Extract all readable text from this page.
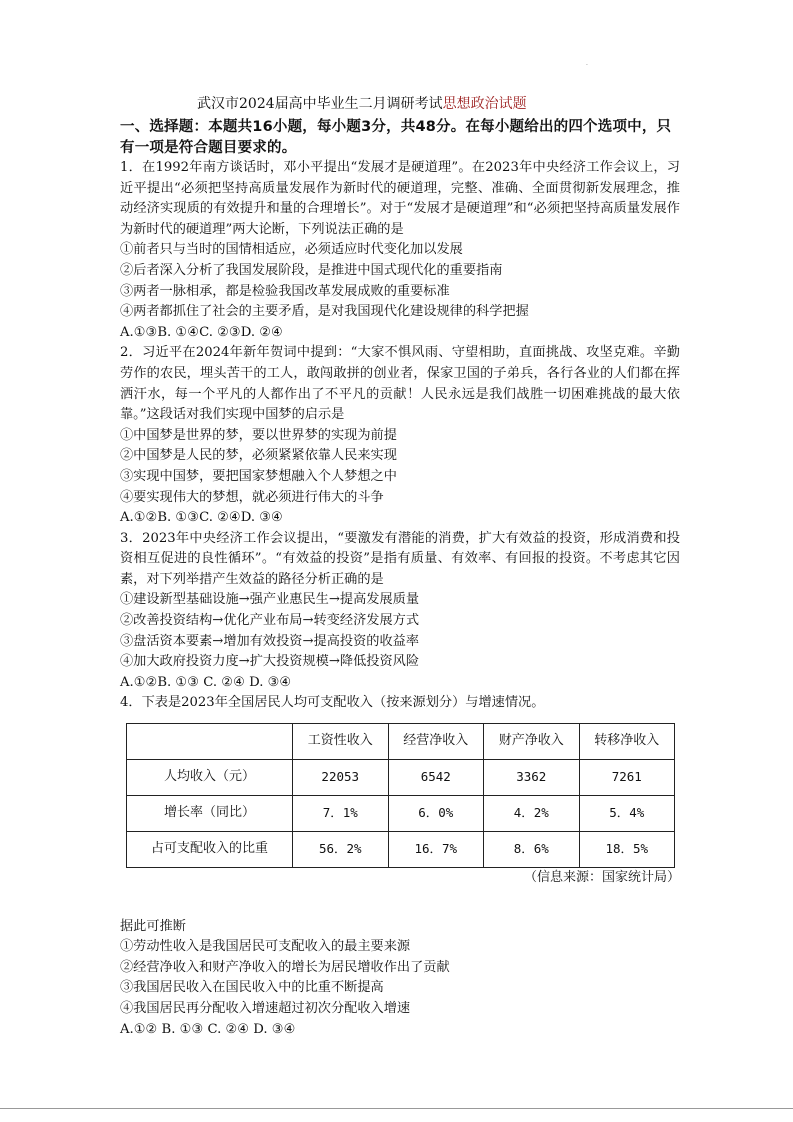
.
武汉市2024届高中毕业生二月调研考试思想政治试题
一、选择题：本题共16小题，每小题3分，共48分。在每小题给出的四个选项中，只有一项是符合题目要求的。

1．在1992年南方谈话时，邓小平提出“发展才是硬道理”。在2023年中央经济工作会议上，习近平提出“必须把坚持高质量发展作为新时代的硬道理，完整、准确、全面贯彻新发展理念，推动经济实现质的有效提升和量的合理增长”。对于“发展才是硬道理”和“必须把坚持高质量发展作为新时代的硬道理”两大论断，下列说法正确的是

①前者只与当时的国情相适应，必须适应时代变化加以发展

②后者深入分析了我国发展阶段，是推进中国式现代化的重要指南

③两者一脉相承，都是检验我国改革发展成败的重要标准

④两者都抓住了社会的主要矛盾，是对我国现代化建设规律的科学把握

A.①③B. ①④C. ②③D. ②④

2．习近平在2024年新年贺词中提到：“大家不惧风雨、守望相助，直面挑战、攻坚克难。辛勤劳作的农民，埋头苦干的工人，敢闯敢拼的创业者，保家卫国的子弟兵，各行各业的人们都在挥洒汗水，每一个平凡的人都作出了不平凡的贡献！人民永远是我们战胜一切困难挑战的最大依靠。”这段话对我们实现中国梦的启示是

①中国梦是世界的梦，要以世界梦的实现为前提

②中国梦是人民的梦，必须紧紧依靠人民来实现

③实现中国梦，要把国家梦想融入个人梦想之中

④要实现伟大的梦想，就必须进行伟大的斗争

A.①②B. ①③C. ②④D. ③④

3．2023年中央经济工作会议提出，“要激发有潜能的消费，扩大有效益的投资，形成消费和投资相互促进的良性循环”。“有效益的投资”是指有质量、有效率、有回报的投资。不考虑其它因素，对下列举措产生效益的路径分析正确的是

①建设新型基础设施→强产业惠民生→提高发展质量

②改善投资结构→优化产业布局→转变经济发展方式

③盘活资本要素→增加有效投资→提高投资的收益率

④加大政府投资力度→扩大投资规模→降低投资风险

A.①②B. ①③ C. ②④ D. ③④

4．下表是2023年全国居民人均可支配收入（按来源划分）与增速情况。

	工资性收入	经营净收入	财产净收入	转移净收入
人均收入（元）	22053	6542	3362	7261
增长率（同比）	7．1%	6．0%	4．2%	5．4%
占可支配收入的比重	56．2%	16．7%	8．6%	18．5%

（信息来源：国家统计局）

据此可推断

①劳动性收入是我国居民可支配收入的最主要来源

②经营净收入和财产净收入的增长为居民增收作出了贡献

③我国居民收入在国民收入中的比重不断提高

④我国居民再分配收入增速超过初次分配收入增速

A.①② B. ①③ C. ②④ D. ③④
